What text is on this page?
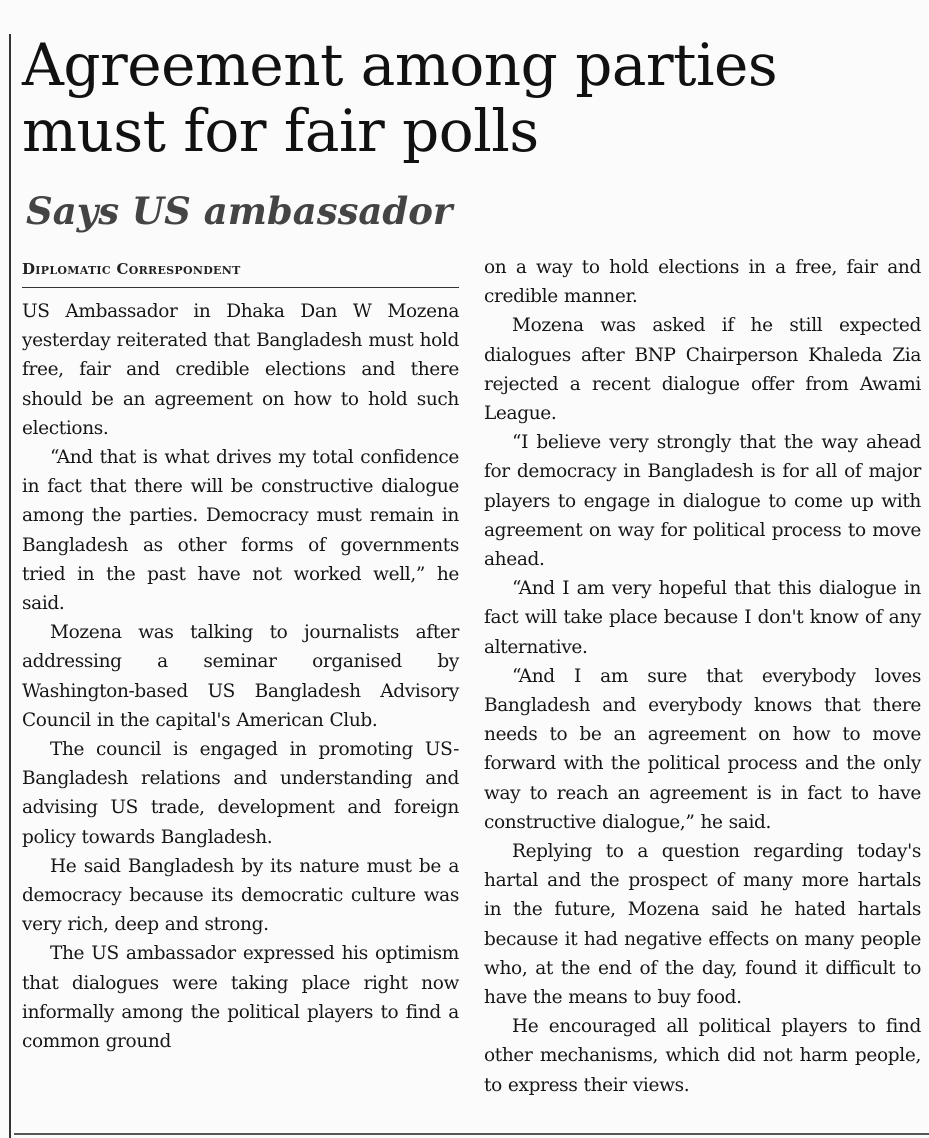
Agreement among parties
must for fair polls
Says US ambassador
Diplomatic Correspondent

US Ambassador in Dhaka Dan W Mozena yesterday reiterated that Bangladesh must hold free, fair and credible elections and there should be an agreement on how to hold such elections.

“And that is what drives my total confidence in fact that there will be constructive dialogue among the parties. Democracy must remain in Bangladesh as other forms of governments tried in the past have not worked well,” he said.

Mozena was talking to journalists after addressing a seminar organised by Washington-based US Bangladesh Advisory Council in the capital's American Club.

The council is engaged in promoting US-Bangladesh relations and understanding and advising US trade, development and foreign policy towards Bangladesh.

He said Bangladesh by its nature must be a democracy because its democratic culture was very rich, deep and strong.

The US ambassador expressed his optimism that dialogues were taking place right now informally among the political players to find a common ground

on a way to hold elections in a free, fair and credible manner.

Mozena was asked if he still expected dialogues after BNP Chairperson Khaleda Zia rejected a recent dialogue offer from Awami League.

“I believe very strongly that the way ahead for democracy in Bangladesh is for all of major players to engage in dialogue to come up with agreement on way for political process to move ahead.

“And I am very hopeful that this dialogue in fact will take place because I don't know of any alternative.

“And I am sure that everybody loves Bangladesh and everybody knows that there needs to be an agreement on how to move forward with the political process and the only way to reach an agreement is in fact to have constructive dialogue,” he said.

Replying to a question regarding today's hartal and the prospect of many more hartals in the future, Mozena said he hated hartals because it had negative effects on many people who, at the end of the day, found it difficult to have the means to buy food.

He encouraged all political players to find other mechanisms, which did not harm people, to express their views.
